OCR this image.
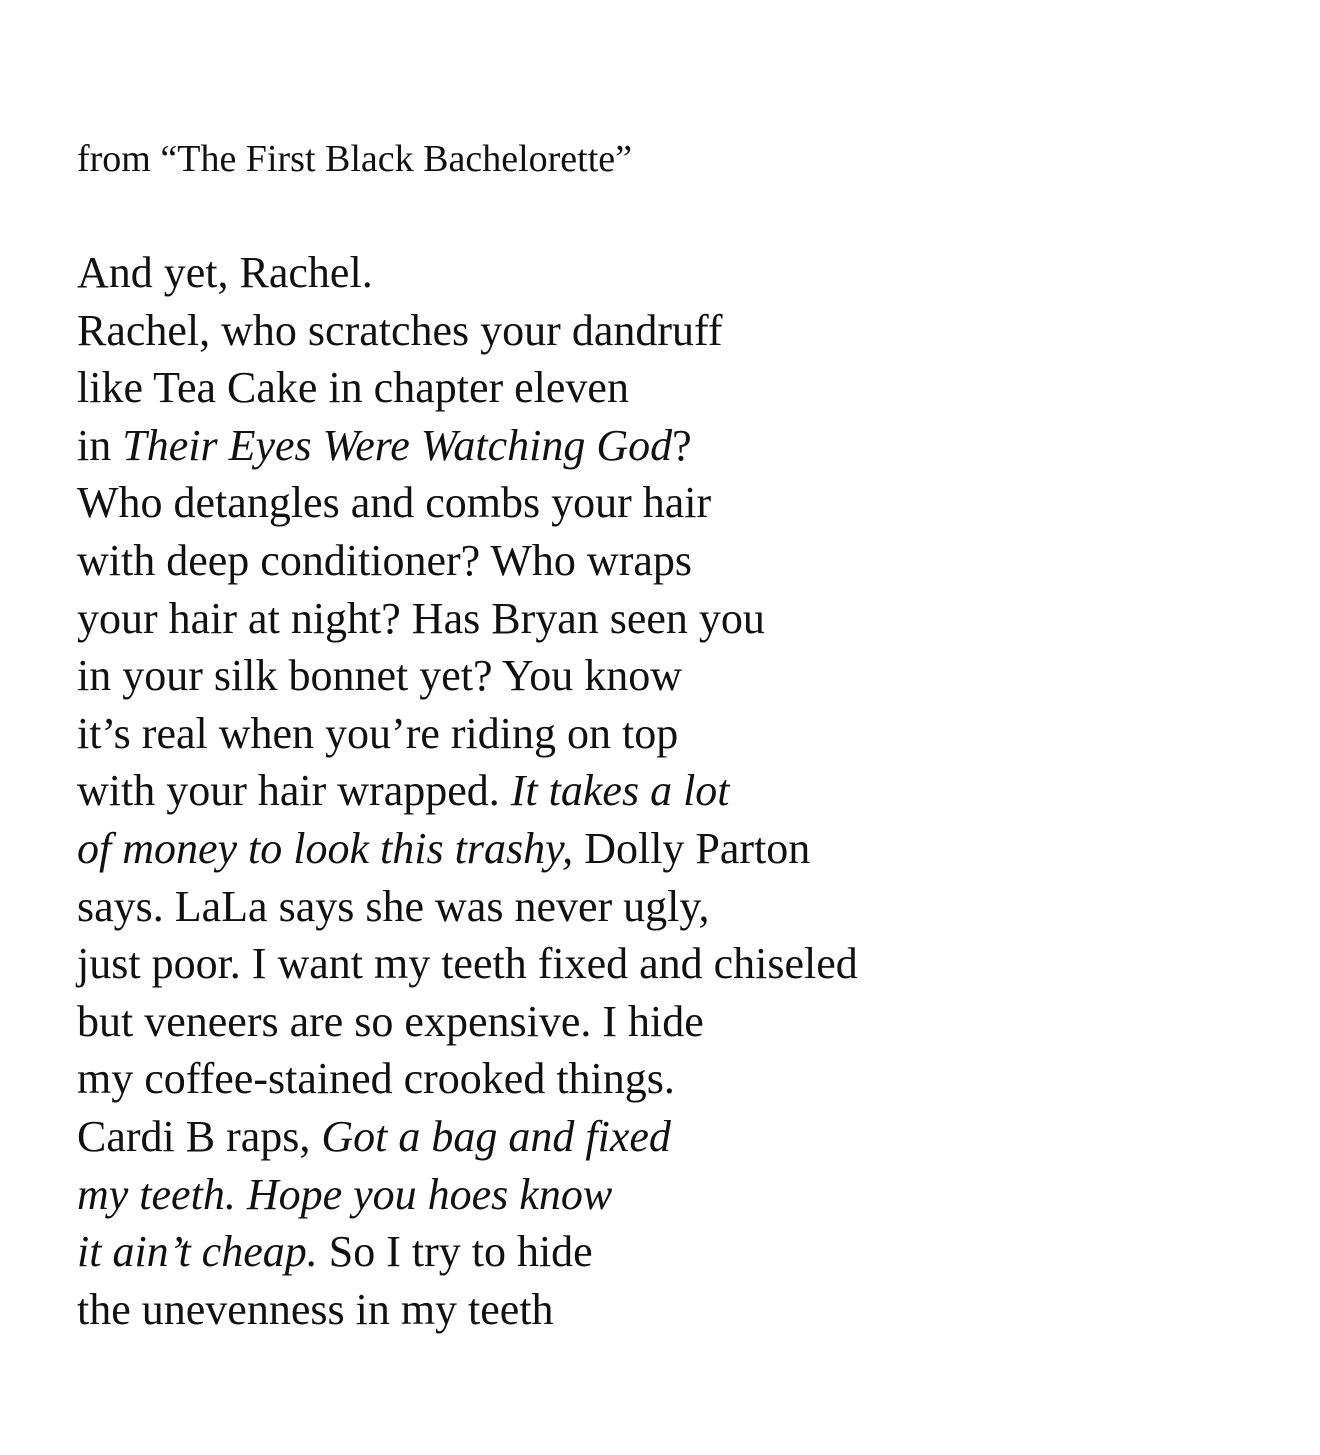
from “The First Black Bachelorette”
And yet, Rachel.
Rachel, who scratches your dandruff
like Tea Cake in chapter eleven
in Their Eyes Were Watching God?
Who detangles and combs your hair
with deep conditioner? Who wraps
your hair at night? Has Bryan seen you
in your silk bonnet yet? You know
it’s real when you’re riding on top
with your hair wrapped. It takes a lot
of money to look this trashy, Dolly Parton
says. LaLa says she was never ugly,
just poor. I want my teeth fixed and chiseled
but veneers are so expensive. I hide
my coffee-stained crooked things.
Cardi B raps, Got a bag and fixed
my teeth. Hope you hoes know
it ain’t cheap. So I try to hide
the unevenness in my teeth
